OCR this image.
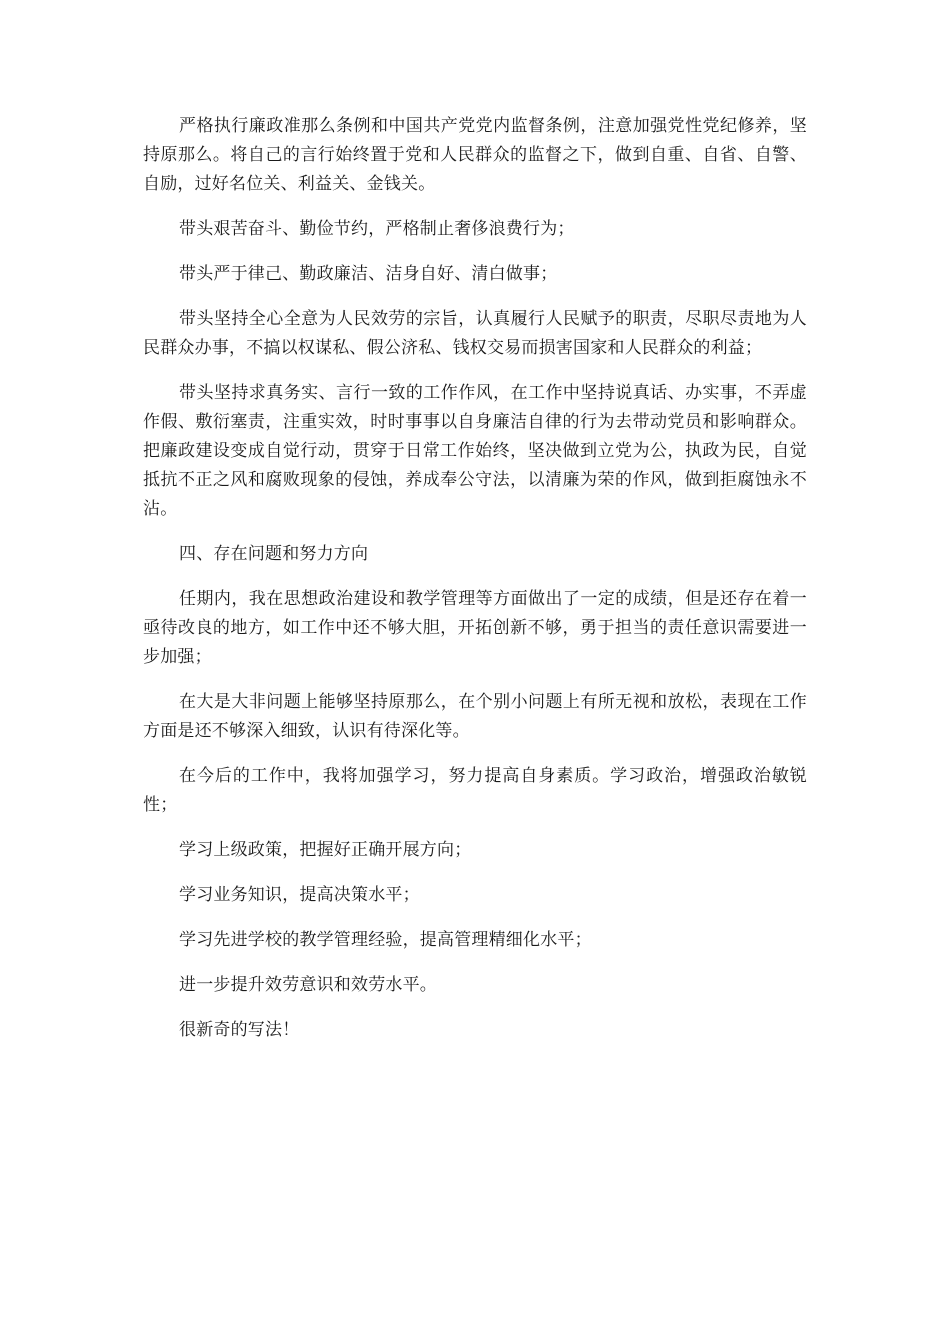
严格执行廉政准那么条例和中国共产党党内监督条例，注意加强党性党纪修养，坚持原那么。将自己的言行始终置于党和人民群众的监督之下，做到自重、自省、自警、自励，过好名位关、利益关、金钱关。

带头艰苦奋斗、勤俭节约，严格制止奢侈浪费行为；

带头严于律己、勤政廉洁、洁身自好、清白做事；

带头坚持全心全意为人民效劳的宗旨，认真履行人民赋予的职责，尽职尽责地为人民群众办事，不搞以权谋私、假公济私、钱权交易而损害国家和人民群众的利益；

带头坚持求真务实、言行一致的工作作风，在工作中坚持说真话、办实事，不弄虚作假、敷衍塞责，注重实效，时时事事以自身廉洁自律的行为去带动党员和影响群众。把廉政建设变成自觉行动，贯穿于日常工作始终，坚决做到立党为公，执政为民，自觉抵抗不正之风和腐败现象的侵蚀，养成奉公守法，以清廉为荣的作风，做到拒腐蚀永不沾。

四、存在问题和努力方向

任期内，我在思想政治建设和教学管理等方面做出了一定的成绩，但是还存在着一亟待改良的地方，如工作中还不够大胆，开拓创新不够，勇于担当的责任意识需要进一步加强；

在大是大非问题上能够坚持原那么，在个别小问题上有所无视和放松，表现在工作方面是还不够深入细致，认识有待深化等。

在今后的工作中，我将加强学习，努力提高自身素质。学习政治，增强政治敏锐性；

学习上级政策，把握好正确开展方向；

学习业务知识，提高决策水平；

学习先进学校的教学管理经验，提高管理精细化水平；

进一步提升效劳意识和效劳水平。

很新奇的写法！
